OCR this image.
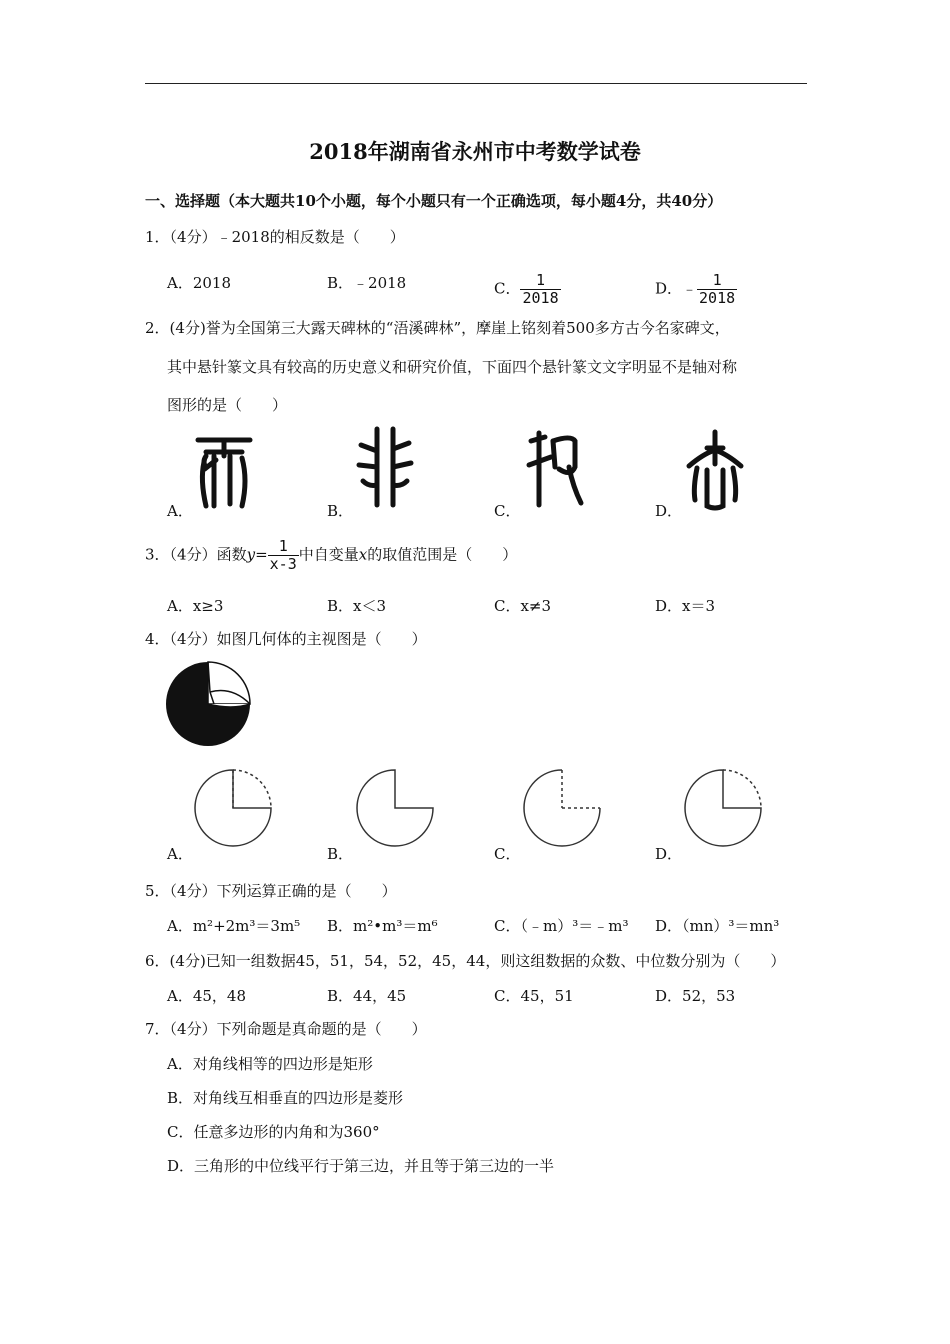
2018年湖南省永州市中考数学试卷
一、选择题（本大题共10个小题，每个小题只有一个正确选项，每小题4分，共40分）
1．（4分）﹣2018的相反数是（　　）
A．2018	B．﹣2018	C． $\frac{1}{2018}$	D．﹣ $\frac{1}{2018}$
2．(4分)誉为全国第三大露天碑林的“浯溪碑林”，摩崖上铭刻着500多方古今名家碑文，
其中悬针篆文具有较高的历史意义和研究价值，下面四个悬针篆文文字明显不是轴对称
图形的是（　　）
A．	B．	C．	D．
3．（4分）函数$y= \frac{1}{x-3}$ 中自变量x的取值范围是（　　）
A．x≥3	B．x＜3	C．x≠3	D．x＝3
4．（4分）如图几何体的主视图是（　　）
A．	B．	C．	D．
5．（4分）下列运算正确的是（　　）
A．m²+2m³＝3m⁵ B．m²•m³＝m⁶	C．（﹣m）³＝﹣m³ D．（mn）³＝mn³
6．(4分)已知一组数据45，51，54，52，45，44，则这组数据的众数、中位数分别为（　　）
A．45，48	B．44，45	C．45，51	D．52，53
7．（4分）下列命题是真命题的是（　　）
A．对角线相等的四边形是矩形
B．对角线互相垂直的四边形是菱形
C．任意多边形的内角和为360°
D．三角形的中位线平行于第三边，并且等于第三边的一半
